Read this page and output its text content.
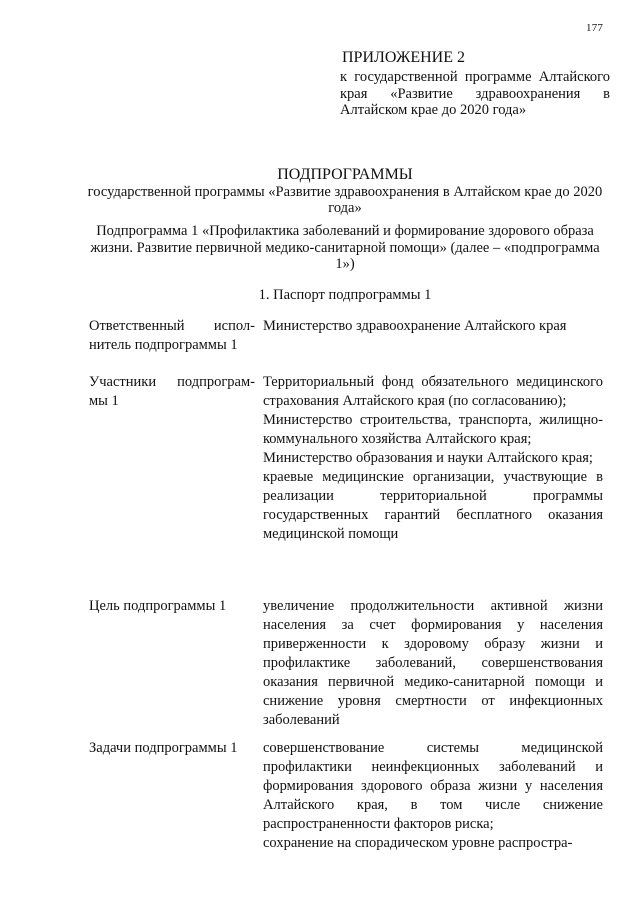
177
ПРИЛОЖЕНИЕ 2
к государственной программе Алтайского края «Развитие здравоохранения в Алтайском крае до 2020 года»
ПОДПРОГРАММЫ
государственной программы «Развитие здравоохранения в Алтайском крае до 2020 года»
Подпрограмма 1 «Профилактика заболеваний и формирование здорового образа жизни. Развитие первичной медико-санитарной помощи» (далее – «подпрограмма 1»)
1. Паспорт подпрограммы 1
Ответственный испол-
нитель подпрограммы 1

Министерство здравоохранение Алтайского края

Участники подпрограм-
мы 1

Территориальный фонд обязательного медицинского страхования Алтайского края (по согласованию);

Министерство строительства, транспорта, жилищно-коммунального хозяйства Алтайского края;

Министерство образования и науки Алтайского края;

краевые медицинские организации, участвующие в реализации территориальной программы государственных гарантий бесплатного оказания медицинской помощи

Цель подпрограммы 1	увеличение продолжительности активной жизни населения за счет формирования у населения приверженности к здоровому образу жизни и профилактике заболеваний, совершенствования оказания первичной медико-санитарной помощи и снижение уровня смертности от инфекционных заболеваний

Задачи подпрограммы 1	совершенствование системы медицинской профилактики неинфекционных заболеваний и формирования здорового образа жизни у населения Алтайского края, в том числе снижение распространенности факторов риска;

сохранение на спорадическом уровне распростра-
